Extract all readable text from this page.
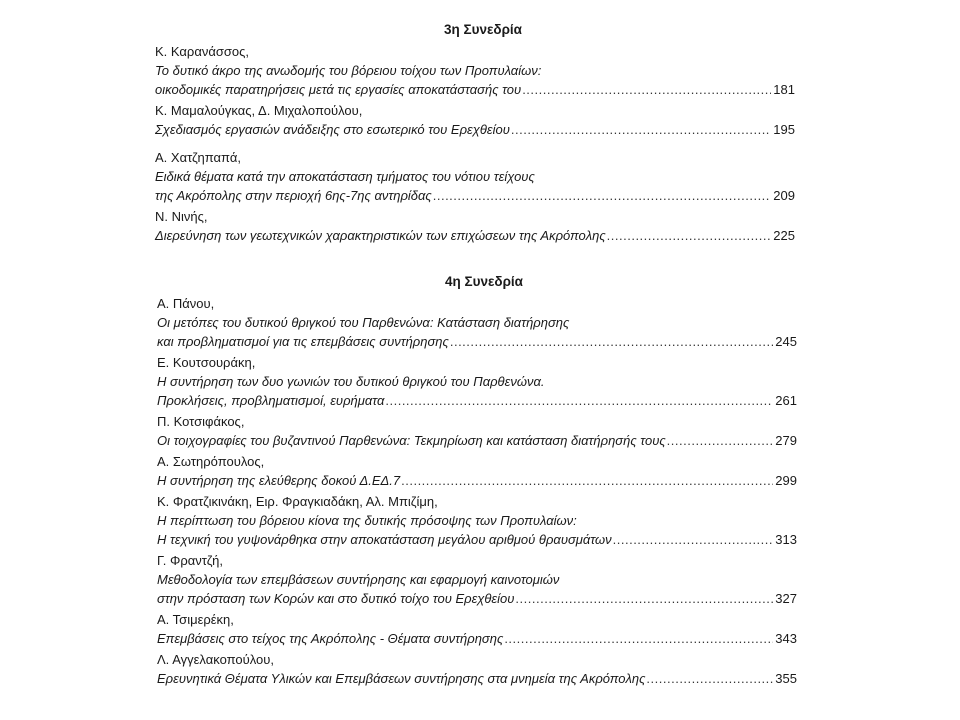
3η Συνεδρία
Κ. Καρανάσσος,
Το δυτικό άκρο της ανωδομής του βόρειου τοίχου των Προπυλαίων:
οικοδομικές παρατηρήσεις μετά τις εργασίες αποκατάστασής του .....	181
Κ. Μαμαλούγκας, Δ. Μιχαλοπούλου,
Σχεδιασμός εργασιών ανάδειξης στο εσωτερικό του Ερεχθείου .....	195
Α. Χατζηπαπά,
Ειδικά θέματα κατά την αποκατάσταση τμήματος του νότιου τείχους
της Ακρόπολης στην περιοχή 6ης-7ης αντηρίδας .....	209
Ν. Νινής,
Διερεύνηση των γεωτεχνικών χαρακτηριστικών των επιχώσεων της Ακρόπολης .....	225
4η Συνεδρία
Α. Πάνου,
Οι μετόπες του δυτικού θριγκού του Παρθενώνα: Κατάσταση διατήρησης
και προβληματισμοί για τις επεμβάσεις συντήρησης .....	245
Ε. Κουτσουράκη,
Η συντήρηση των δυο γωνιών του δυτικού θριγκού του Παρθενώνα.
Προκλήσεις, προβληματισμοί, ευρήματα .....	261
Π. Κοτσιφάκος,
Οι τοιχογραφίες του βυζαντινού Παρθενώνα: Τεκμηρίωση και κατάσταση διατήρησής τους .....	279
Α. Σωτηρόπουλος,
Η συντήρηση της ελεύθερης δοκού Δ.ΕΔ.7 .....	299
Κ. Φρατζικινάκη, Ειρ. Φραγκιαδάκη, Αλ. Μπιζίμη,
Η περίπτωση του βόρειου κίονα της δυτικής πρόσοψης των Προπυλαίων:
Η τεχνική του γυψονάρθηκα στην αποκατάσταση μεγάλου αριθμού θραυσμάτων .....	313
Γ. Φραντζή,
Μεθοδολογία των επεμβάσεων συντήρησης και εφαρμογή καινοτομιών
στην πρόσταση των Κορών και στο δυτικό τοίχο του Ερεχθείου .....	327
Α. Τσιμερέκη,
Επεμβάσεις στο τείχος της Ακρόπολης - Θέματα συντήρησης .....	343
Λ. Αγγελακοπούλου,
Ερευνητικά Θέματα Υλικών και Επεμβάσεων συντήρησης στα μνημεία της Ακρόπολης .....	355
